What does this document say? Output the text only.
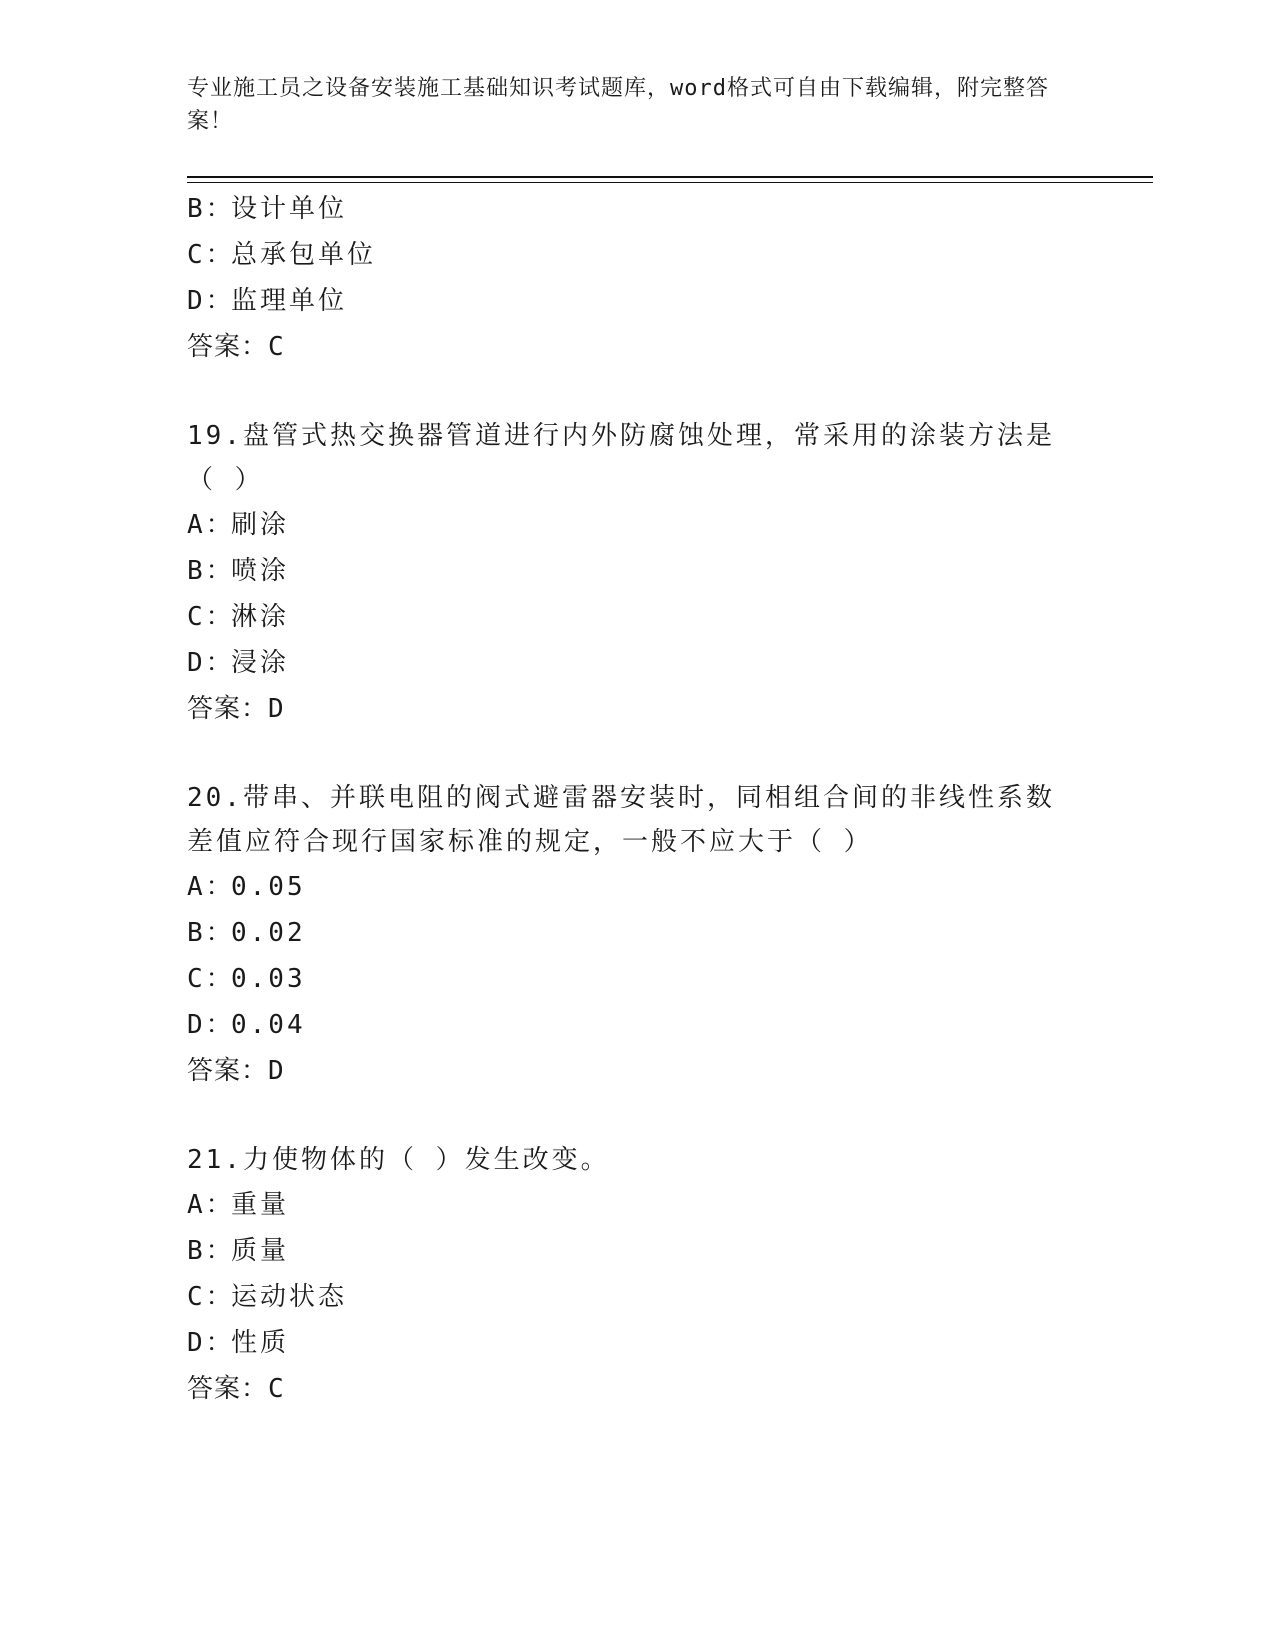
专业施工员之设备安装施工基础知识考试题库，word格式可自由下载编辑，附完整答案！
B：设计单位
C：总承包单位
D：监理单位
答案：C
19.盘管式热交换器管道进行内外防腐蚀处理，常采用的涂装方法是（ ）
A：刷涂
B：喷涂
C：淋涂
D：浸涂
答案：D
20.带串、并联电阻的阀式避雷器安装时，同相组合间的非线性系数差值应符合现行国家标准的规定，一般不应大于（ ）
A：0.05
B：0.02
C：0.03
D：0.04
答案：D
21.力使物体的（ ）发生改变。
A：重量
B：质量
C：运动状态
D：性质
答案：C
